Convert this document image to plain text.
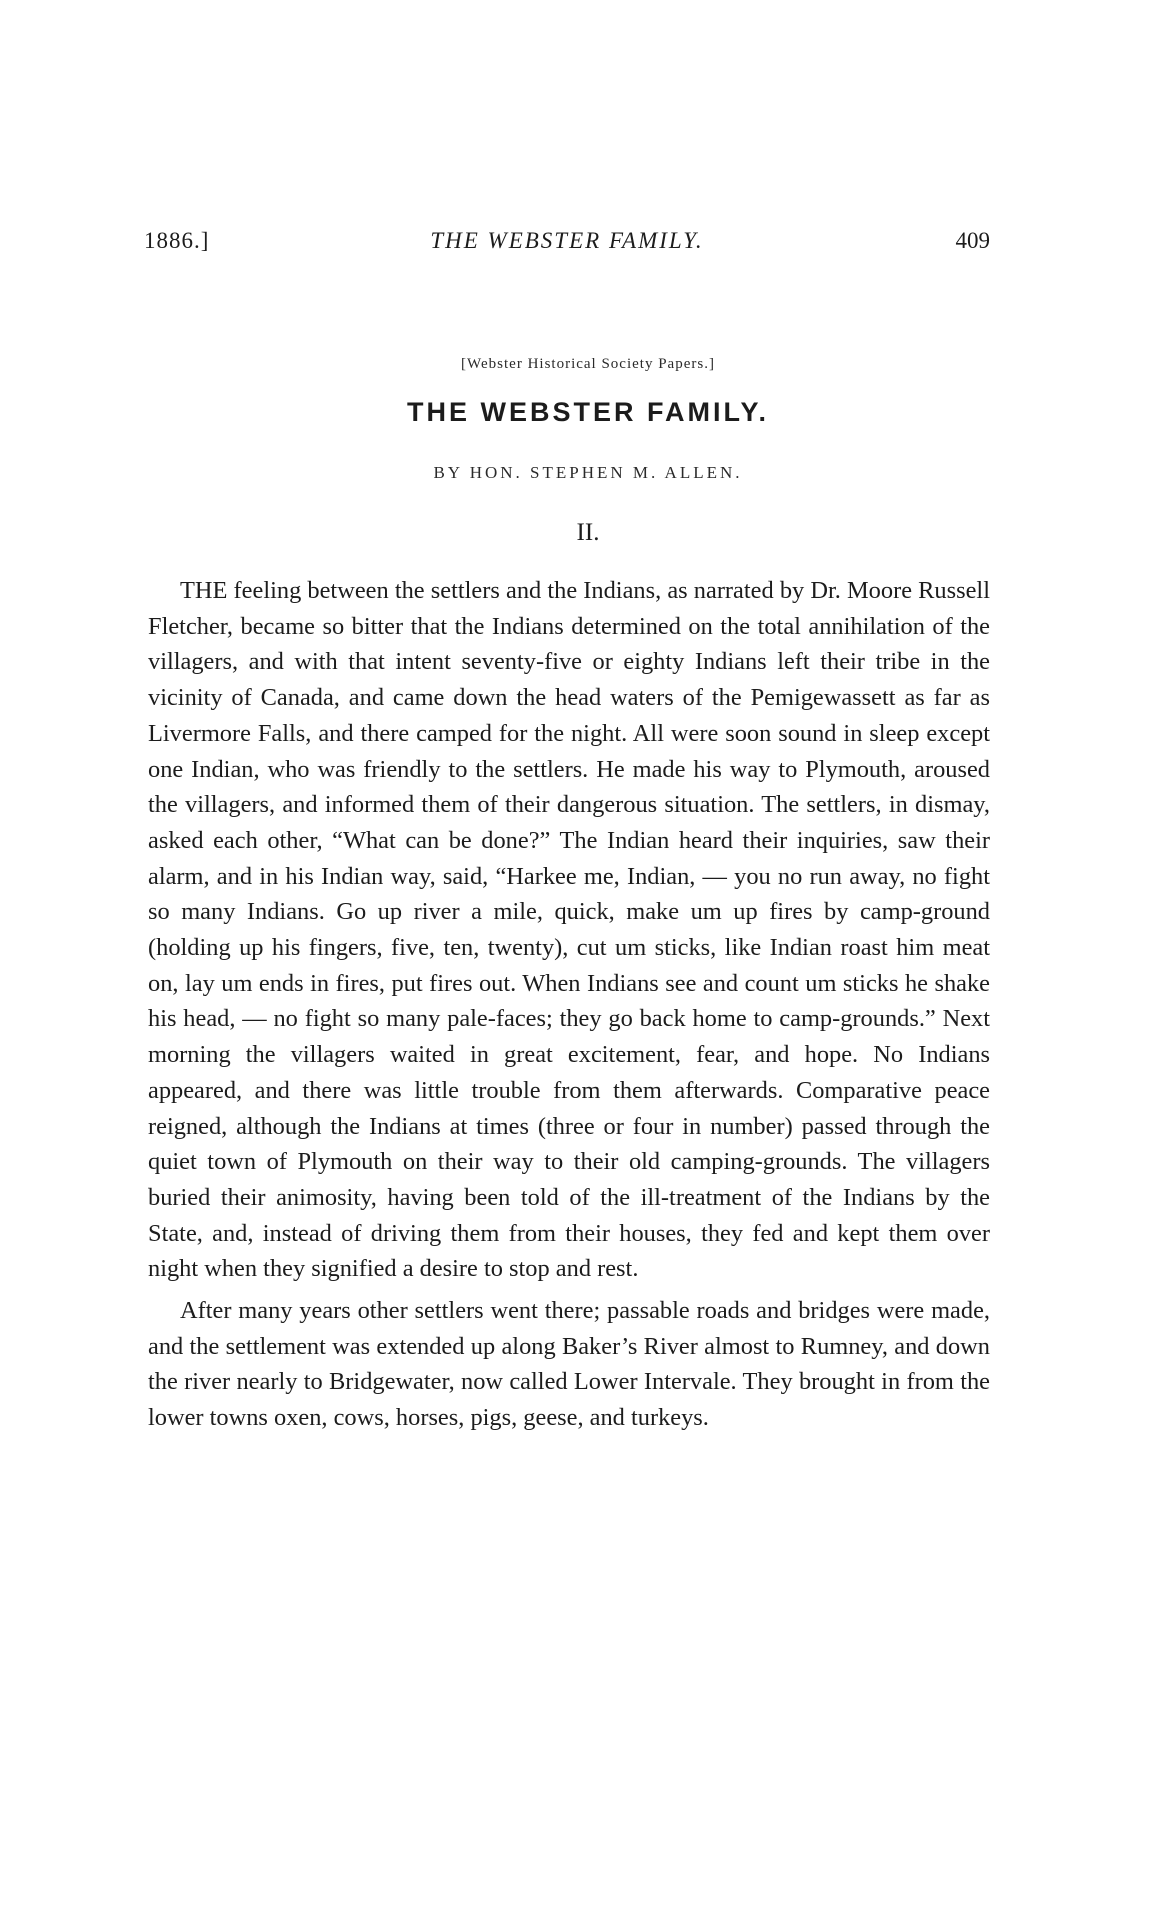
1886.]	THE WEBSTER FAMILY.	409
[Webster Historical Society Papers.]
THE WEBSTER FAMILY.
BY HON. STEPHEN M. ALLEN.
II.

THE feeling between the settlers and the Indians, as narrated by Dr. Moore Russell Fletcher, became so bitter that the Indians determined on the total annihilation of the villagers, and with that intent seventy-five or eighty Indians left their tribe in the vicinity of Canada, and came down the head waters of the Pemigewassett as far as Livermore Falls, and there camped for the night. All were soon sound in sleep except one Indian, who was friendly to the settlers. He made his way to Plymouth, aroused the villagers, and informed them of their dangerous situation. The settlers, in dismay, asked each other, “What can be done?” The Indian heard their inquiries, saw their alarm, and in his Indian way, said, “Harkee me, Indian, — you no run away, no fight so many Indians. Go up river a mile, quick, make um up fires by camp-ground (holding up his fingers, five, ten, twenty), cut um sticks, like Indian roast him meat on, lay um ends in fires, put fires out. When Indians see and count um sticks he shake his head, — no fight so many pale-faces; they go back home to camp-grounds.” Next morning the villagers waited in great excitement, fear, and hope. No Indians appeared, and there was little trouble from them afterwards. Comparative peace reigned, although the Indians at times (three or four in number) passed through the quiet town of Plymouth on their way to their old camping-grounds. The villagers buried their animosity, having been told of the ill-treatment of the Indians by the State, and, instead of driving them from their houses, they fed and kept them over night when they signified a desire to stop and rest.

After many years other settlers went there; passable roads and bridges were made, and the settlement was extended up along Baker’s River almost to Rumney, and down the river nearly to Bridgewater, now called Lower Intervale. They brought in from the lower towns oxen, cows, horses, pigs, geese, and turkeys.
